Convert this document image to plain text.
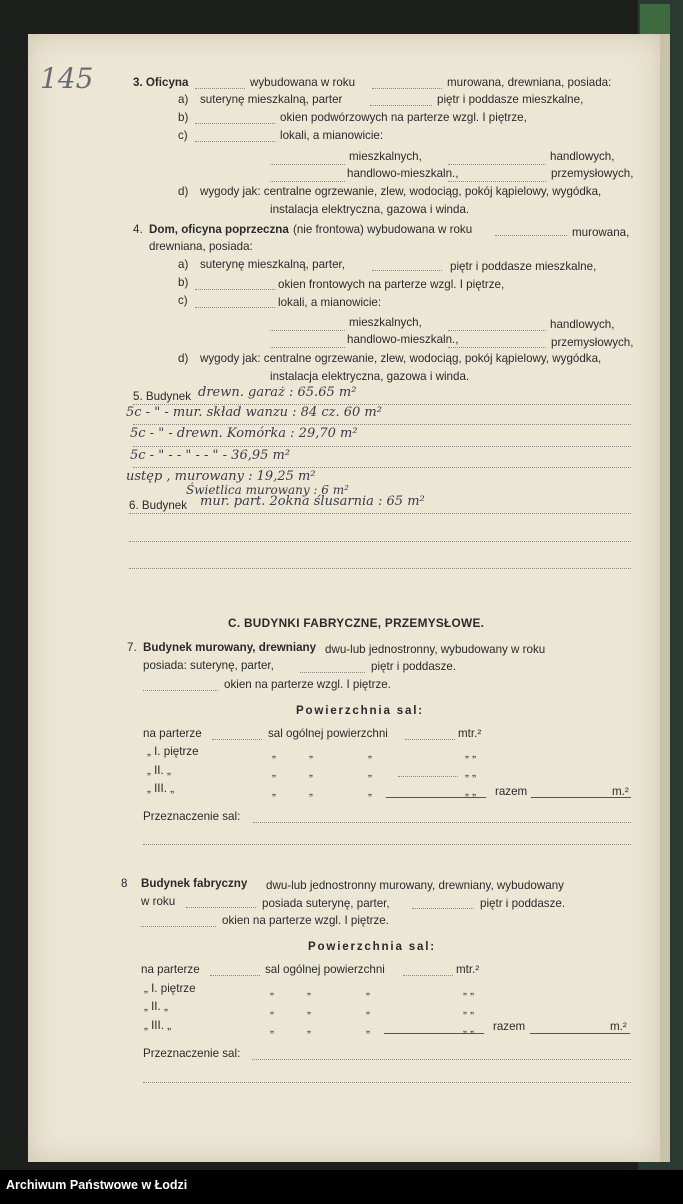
145	3. Oficyna	wybudowana w roku	murowana, drewniana, posiada:
a) suterynę mieszkalną, parter	piętr i poddasze mieszkalne,
b)	okien podwórzowych na parterze wzgl. I piętrze,
c)	lokali, a mianowicie:
mieszkalnych,	handlowych,
handlowo-mieszkaln.,	przemysłowych,
d) wygody jak: centralne ogrzewanie, zlew, wodociąg, pokój kąpielowy, wygódka,
instalacja elektryczna, gazowa i winda.
4. Dom, oficyna poprzeczna (nie frontowa) wybudowana w roku	murowana,
drewniana, posiada:
a) suterynę mieszkalną, parter,	piętr i poddasze mieszkalne,
b)	okien frontowych na parterze wzgl. I piętrze,
c)	lokali, a mianowicie:
mieszkalnych,	handlowych,
handlowo-mieszkaln.,	przemysłowych,
d) wygody jak: centralne ogrzewanie, zlew, wodociąg, pokój kąpielowy, wygódka,
instalacja elektryczna, gazowa i winda.
5. Budynek drewn. garaż : 65.65 m²
5c - " - mur. skład wanzu : 84 cz. 60 m²
5c - " - drewn. Komórka : 29,70 m²
5c - " - - " - - " - 36,95 m²
ustęp , murowany : 19,25 m²
Świetlica murowany : 6 m²
6. Budynek mur. part. 2okna ślusarnia : 65 m²
C. BUDYNKI FABRYCZNE, PRZEMYSŁOWE.
7. Budynek murowany, drewniany dwu-lub jednostronny, wybudowany w roku
posiada: suterynę, parter,	piętr i poddasze.
okien na parterze wzgl. I piętrze.
Powierzchnia sal:
na parterze	sal ogólnej powierzchni	mtr.²
„ I. piętrze	„	„	„	„ „
„ II. „	„	„	„	„ „
„ III. „	„	„	„	„ „ razem	m.²
Przeznaczenie sal:
8 Budynek fabryczny dwu-lub jednostronny murowany, drewniany, wybudowany
w roku	posiada suterynę, parter,	piętr i poddasze.
okien na parterze wzgl. I piętrze.
Powierzchnia sal:
na parterze	sal ogólnej powierzchni	mtr.²
„ I. piętrze	„	„	„	„ „
„ II. „	„	„	„	„ „
„ III. „	„	„	„	„ „ razem	m.²
Przeznaczenie sal:
Archiwum Państwowe w Łodzi
